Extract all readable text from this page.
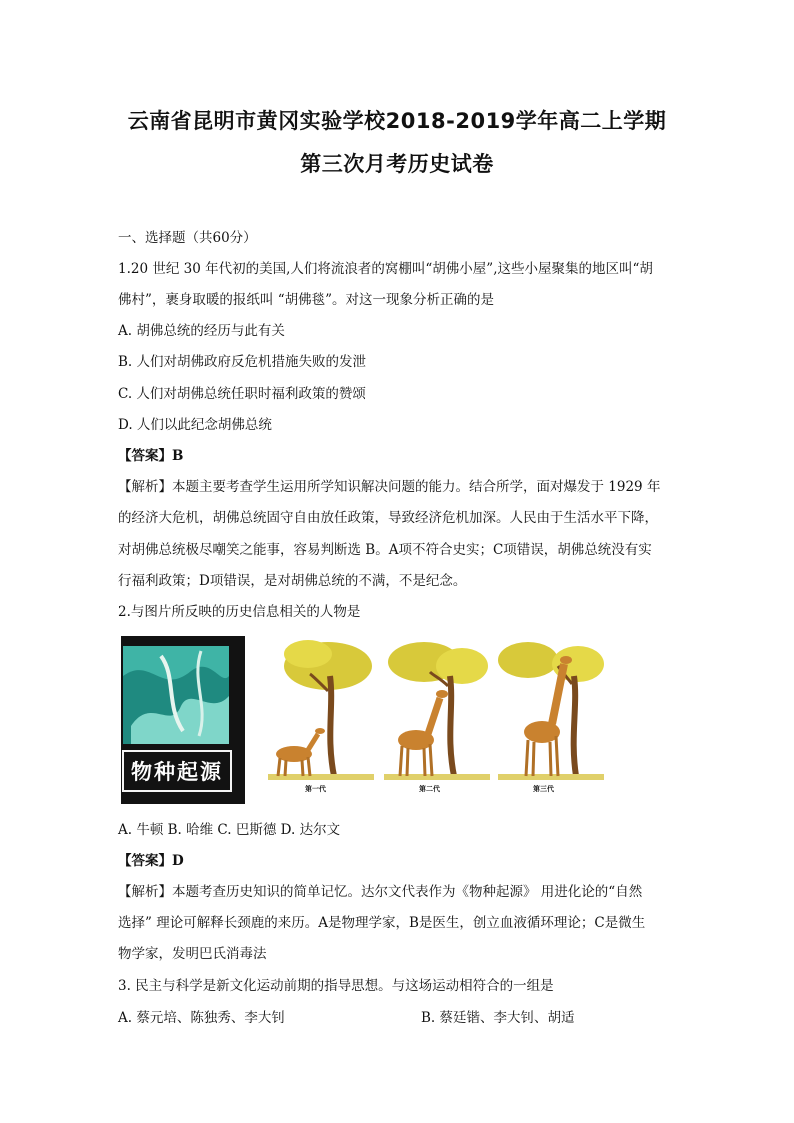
云南省昆明市黄冈实验学校2018-2019学年高二上学期
第三次月考历史试卷
一、选择题（共60分）
1.20 世纪 30 年代初的美国,人们将流浪者的窝棚叫“胡佛小屋”,这些小屋聚集的地区叫“胡
佛村”，裹身取暖的报纸叫 “胡佛毯”。对这一现象分析正确的是
A. 胡佛总统的经历与此有关
B. 人们对胡佛政府反危机措施失败的发泄
C. 人们对胡佛总统任职时福利政策的赞颂
D. 人们以此纪念胡佛总统
【答案】B
【解析】本题主要考查学生运用所学知识解决问题的能力。结合所学，面对爆发于 1929 年
的经济大危机，胡佛总统固守自由放任政策，导致经济危机加深。人民由于生活水平下降，
对胡佛总统极尽嘲笑之能事，容易判断选 B。A项不符合史实；C项错误，胡佛总统没有实
行福利政策；D项错误，是对胡佛总统的不满，不是纪念。
2.与图片所反映的历史信息相关的人物是
物种起源
第一代	第二代	第三代
A. 牛顿 B. 哈维 C. 巴斯德 D. 达尔文
【答案】D
【解析】本题考查历史知识的简单记忆。达尔文代表作为《物种起源》 用进化论的“自然
选择” 理论可解释长颈鹿的来历。A是物理学家，B是医生，创立血液循环理论；C是微生
物学家，发明巴氏消毒法
3. 民主与科学是新文化运动前期的指导思想。与这场运动相符合的一组是
A. 蔡元培、陈独秀、李大钊	B. 蔡廷锴、李大钊、胡适
